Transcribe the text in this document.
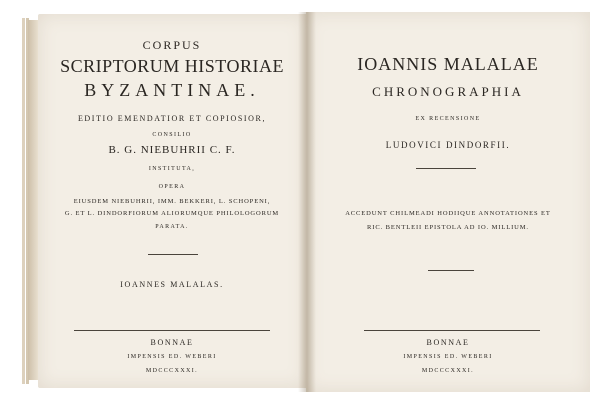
CORPUS
SCRIPTORUM HISTORIAE
BYZANTINAE.
EDITIO EMENDATIOR ET COPIOSIOR,
CONSILIO
B. G. NIEBUHRII C. F.
INSTITUTA,
OPERA
EIUSDEM NIEBUHRII, IMM. BEKKERI, L. SCHOPENI,
G. ET L. DINDORFIORUM ALIORUMQUE PHILOLOGORUM
PARATA.
IOANNES MALALAS.
BONNAE
IMPENSIS ED. WEBERI
MDCCCXXXI.
IOANNIS MALALAE
CHRONOGRAPHIA
EX RECENSIONE
LUDOVICI DINDORFII.
ACCEDUNT CHILMEADI HODIIQUE ANNOTATIONES ET
RIC. BENTLEII EPISTOLA AD IO. MILLIUM.
BONNAE
IMPENSIS ED. WEBERI
MDCCCXXXI.
